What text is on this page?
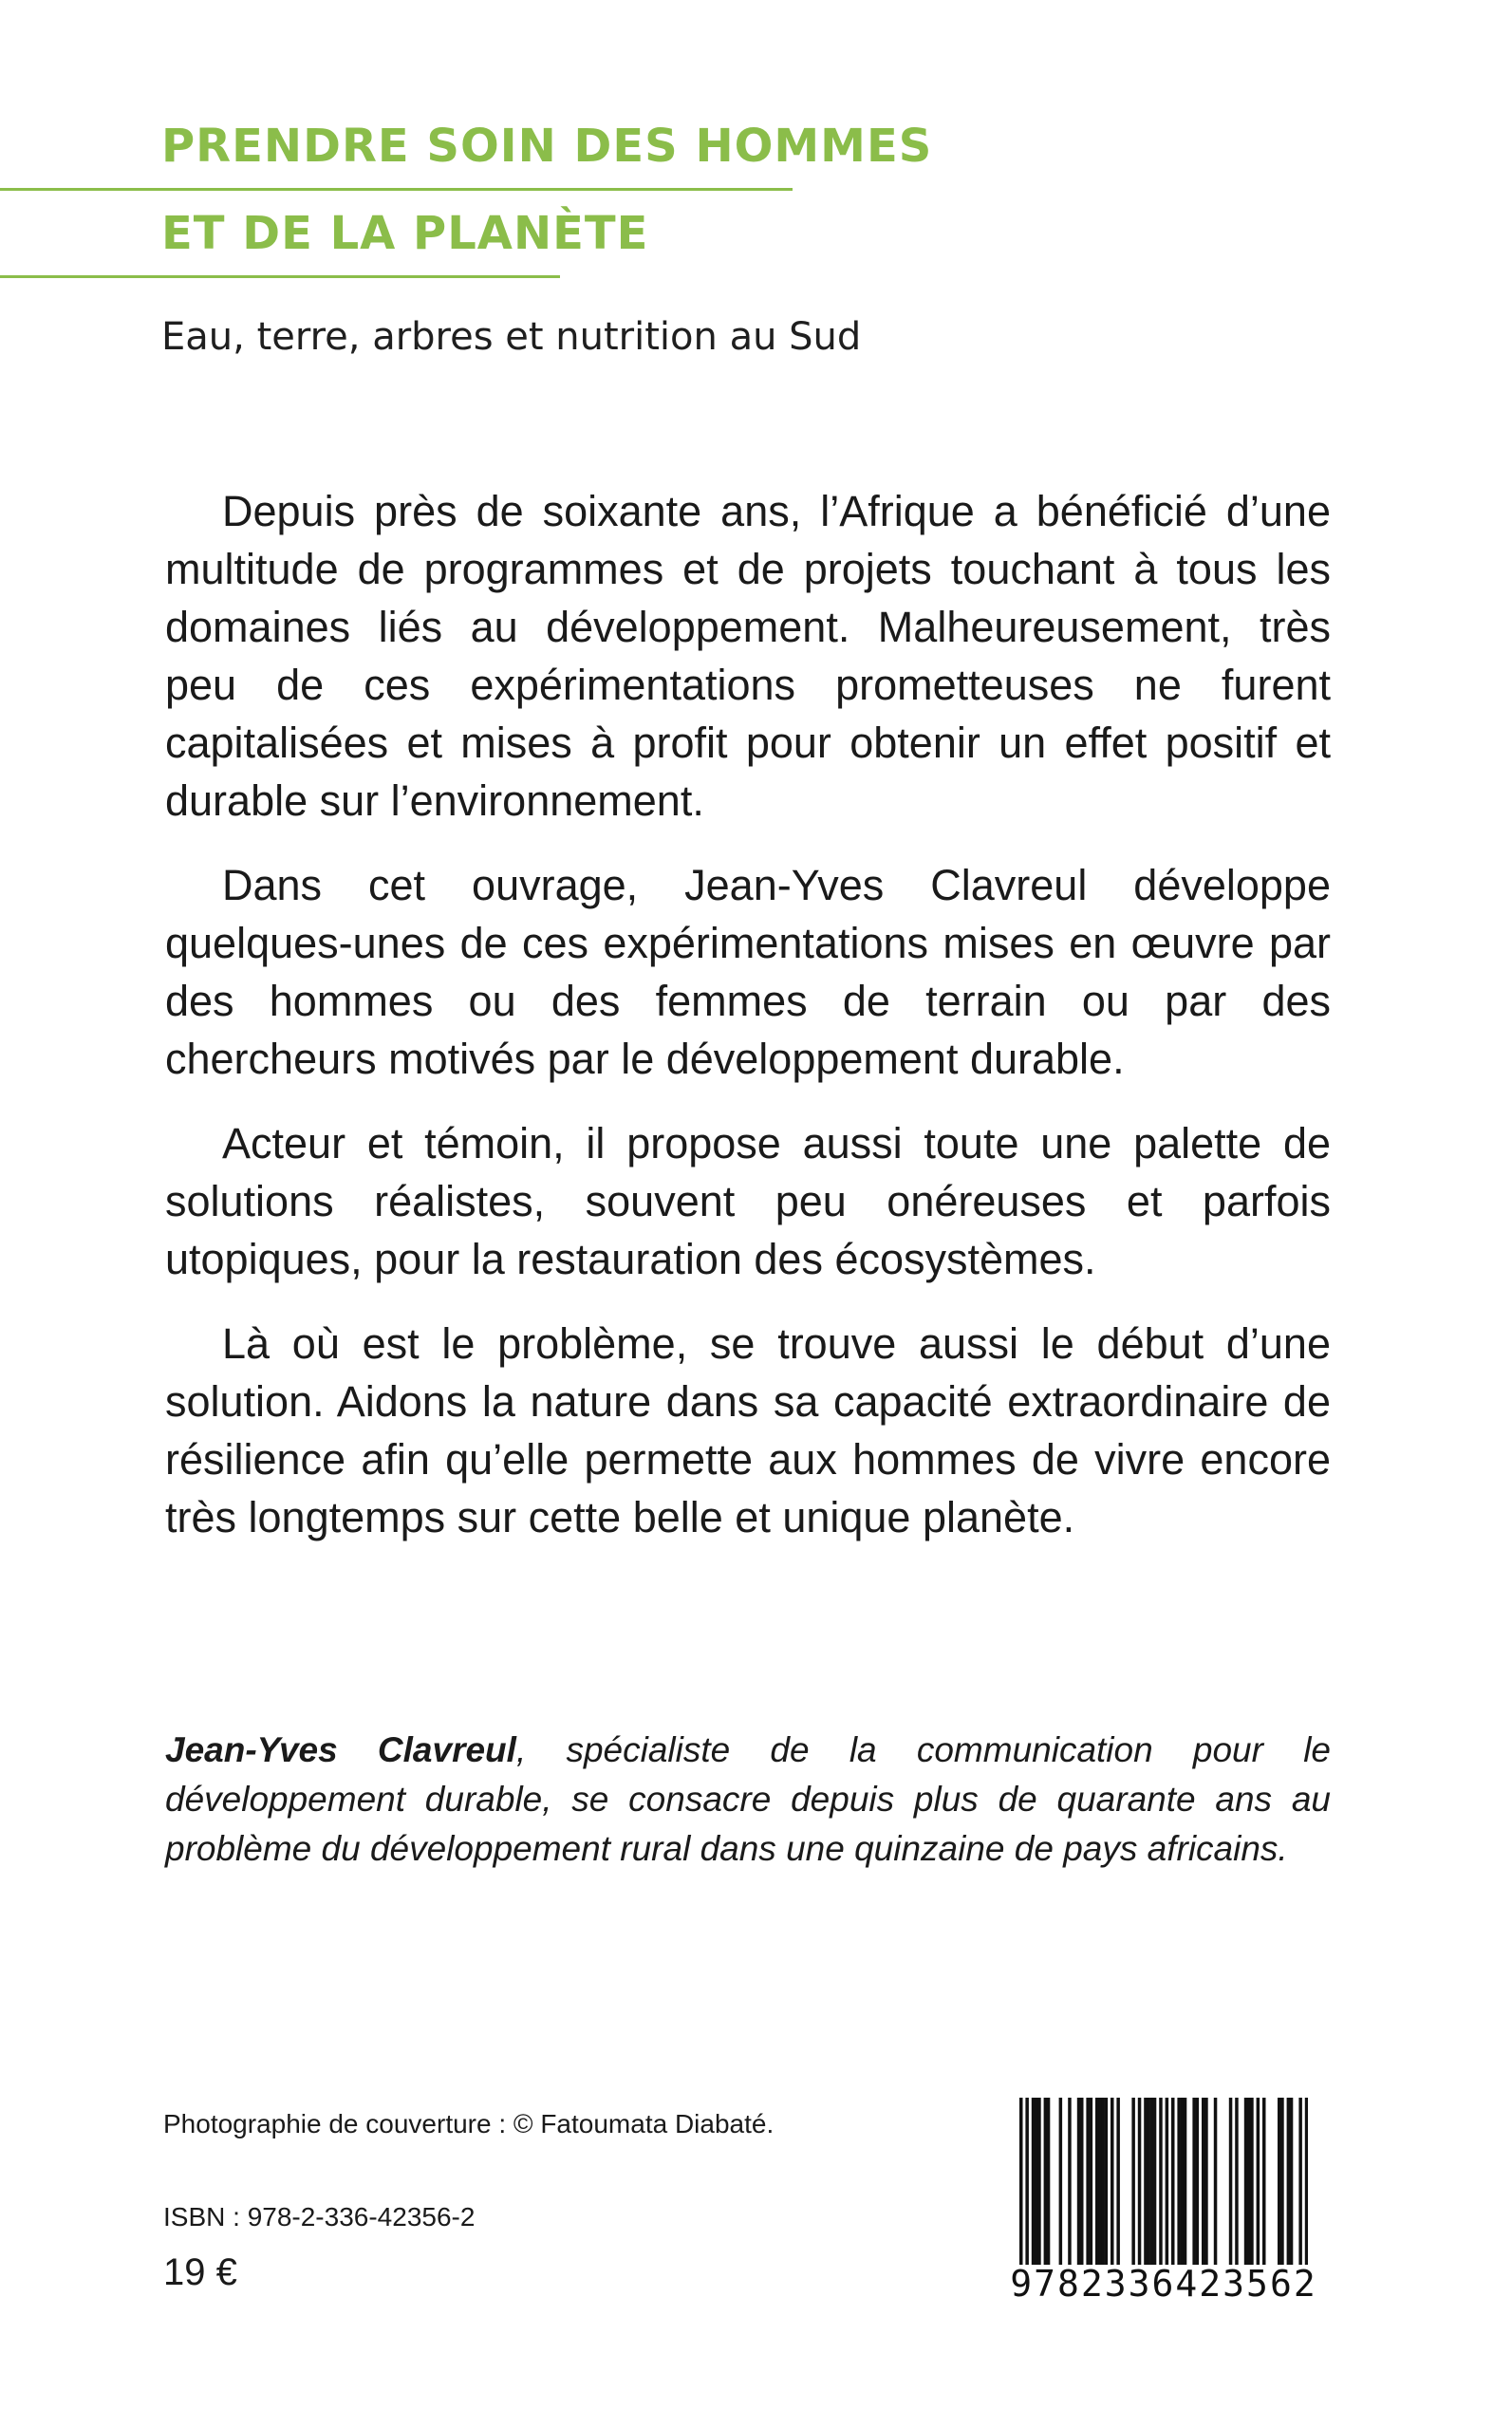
PRENDRE SOIN DES HOMMES
ET DE LA PLANÈTE
Eau, terre, arbres et nutrition au Sud

Depuis près de soixante ans, l’Afrique a bénéficié d’une multitude de programmes et de projets touchant à tous les domaines liés au développement. Malheureusement, très peu de ces expérimentations prometteuses ne furent capitalisées et mises à profit pour obtenir un effet positif et durable sur l’environnement.

Dans cet ouvrage, Jean-Yves Clavreul développe quelques-unes de ces expérimentations mises en œuvre par des hommes ou des femmes de terrain ou par des chercheurs motivés par le développement durable.

Acteur et témoin, il propose aussi toute une palette de solutions réalistes, souvent peu onéreuses et parfois utopiques, pour la restauration des écosystèmes.

Là où est le problème, se trouve aussi le début d’une solution. Aidons la nature dans sa capacité extraordinaire de résilience afin qu’elle permette aux hommes de vivre encore très longtemps sur cette belle et unique planète.

Jean-Yves Clavreul, spécialiste de la communication pour le développement durable, se consacre depuis plus de quarante ans au problème du développement rural dans une quinzaine de pays africains.

Photographie de couverture : © Fatoumata Diabaté.
ISBN : 978-2-336-42356-2
19 €	9782336423562
